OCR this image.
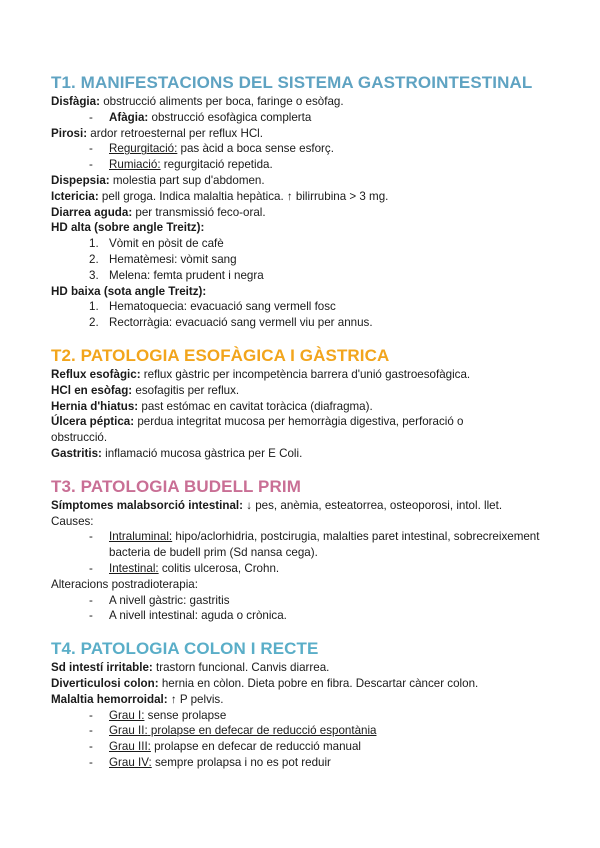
T1. MANIFESTACIONS DEL SISTEMA GASTROINTESTINAL
Disfàgia: obstrucció aliments per boca, faringe o esòfag.
-	Afàgia: obstrucció esofàgica complerta
Pirosi: ardor retroesternal per reflux HCl.
-	Regurgitació: pas àcid a boca sense esforç.
-	Rumiació: regurgitació repetida.
Dispepsia: molestia part sup d'abdomen.
Ictericia: pell groga. Indica malaltia hepàtica. ↑ bilirrubina > 3 mg.
Diarrea aguda: per transmissió feco-oral.
HD alta (sobre angle Treitz):
1. Vòmit en pòsit de cafè
2. Hematèmesi: vòmit sang
3. Melena: femta prudent i negra
HD baixa (sota angle Treitz):
1. Hematoquecia: evacuació sang vermell fosc
2. Rectorràgia: evacuació sang vermell viu per annus.
T2. PATOLOGIA ESOFÀGICA I GÀSTRICA
Reflux esofàgic: reflux gàstric per incompetència barrera d'unió gastroesofàgica.
HCl en esòfag: esofagitis per reflux.
Hernia d'hiatus: past estómac en cavitat toràcica (diafragma).
Úlcera péptica: perdua integritat mucosa per hemorràgia digestiva, perforació o obstrucció.
Gastritis: inflamació mucosa gàstrica per E Coli.
T3. PATOLOGIA BUDELL PRIM
Símptomes malabsorció intestinal: ↓ pes, anèmia, esteatorrea, osteoporosi, intol. llet.
Causes:
-	Intraluminal: hipo/aclorhidria, postcirugia, malalties paret intestinal, sobrecreixement bacteria de budell prim (Sd nansa cega).
-	Intestinal: colitis ulcerosa, Crohn.
Alteracions postradioterapia:
-	A nivell gàstric: gastritis
-	A nivell intestinal: aguda o crònica.
T4. PATOLOGIA COLON I RECTE
Sd intestí irritable: trastorn funcional. Canvis diarrea.
Diverticulosi colon: hernia en còlon. Dieta pobre en fibra. Descartar càncer colon.
Malaltia hemorroidal: ↑ P pelvis.
-	Grau I: sense prolapse
-	Grau II: prolapse en defecar de reducció espontània
-	Grau III: prolapse en defecar de reducció manual
-	Grau IV: sempre prolapsa i no es pot reduir
